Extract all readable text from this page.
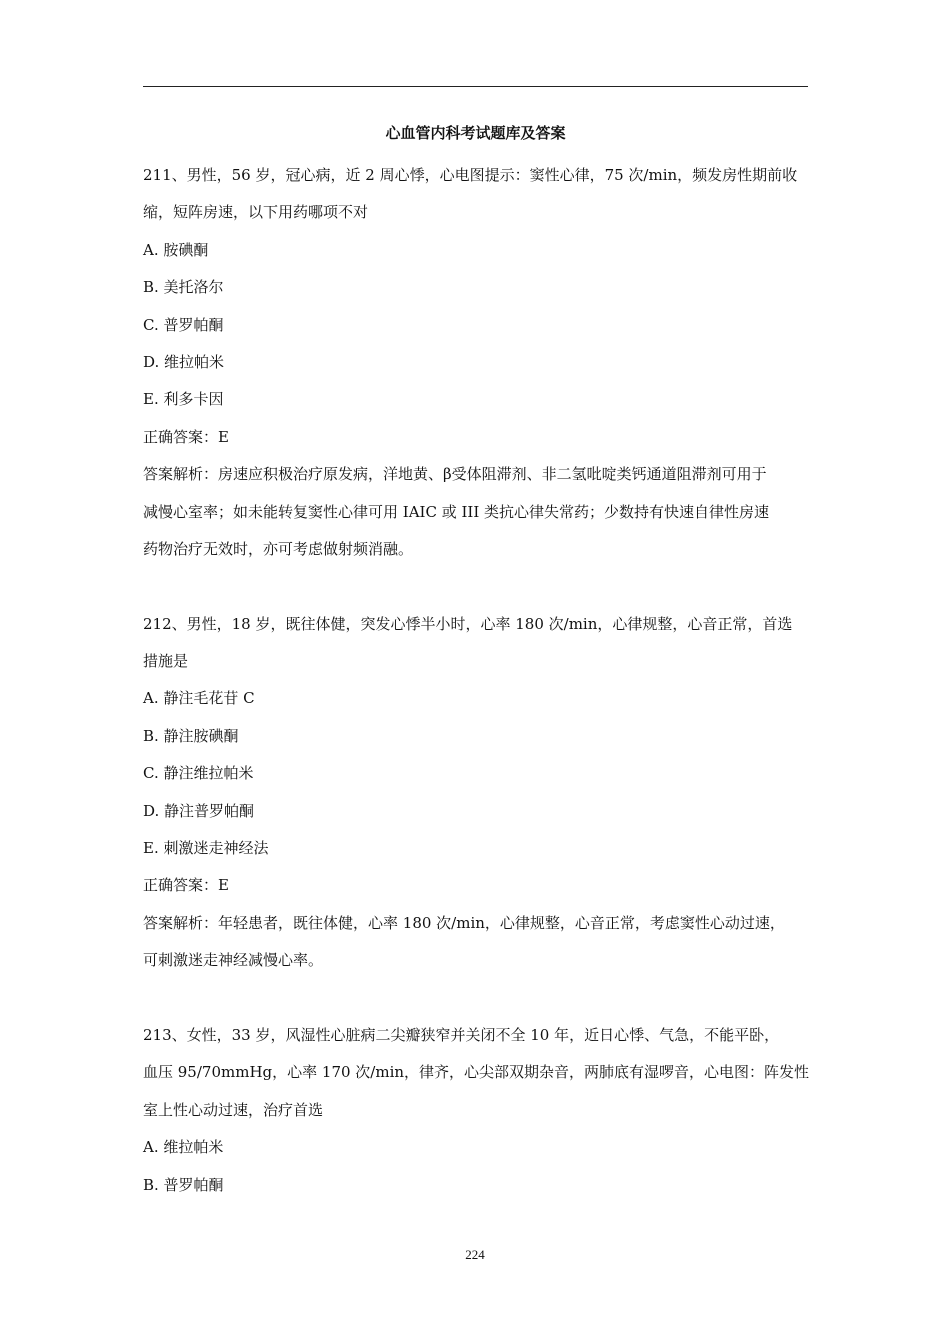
心血管内科考试题库及答案
211、男性，56 岁，冠心病，近 2 周心悸，心电图提示：窦性心律，75 次/min，频发房性期前收
缩，短阵房速，以下用药哪项不对
A. 胺碘酮
B. 美托洛尔
C. 普罗帕酮
D. 维拉帕米
E. 利多卡因
正确答案：E
答案解析：房速应积极治疗原发病，洋地黄、β受体阻滞剂、非二氢吡啶类钙通道阻滞剂可用于
减慢心室率；如未能转复窦性心律可用 IAIC 或 III 类抗心律失常药；少数持有快速自律性房速
药物治疗无效时，亦可考虑做射频消融。
212、男性，18 岁，既往体健，突发心悸半小时，心率 180 次/min，心律规整，心音正常，首选
措施是
A. 静注毛花苷 C
B. 静注胺碘酮
C. 静注维拉帕米
D. 静注普罗帕酮
E. 刺激迷走神经法
正确答案：E
答案解析：年轻患者，既往体健，心率 180 次/min，心律规整，心音正常，考虑窦性心动过速，
可刺激迷走神经减慢心率。
213、女性，33 岁，风湿性心脏病二尖瓣狭窄并关闭不全 10 年，近日心悸、气急，不能平卧，
血压 95/70mmHg，心率 170 次/min，律齐，心尖部双期杂音，两肺底有湿啰音，心电图：阵发性
室上性心动过速，治疗首选
A. 维拉帕米
B. 普罗帕酮
224
